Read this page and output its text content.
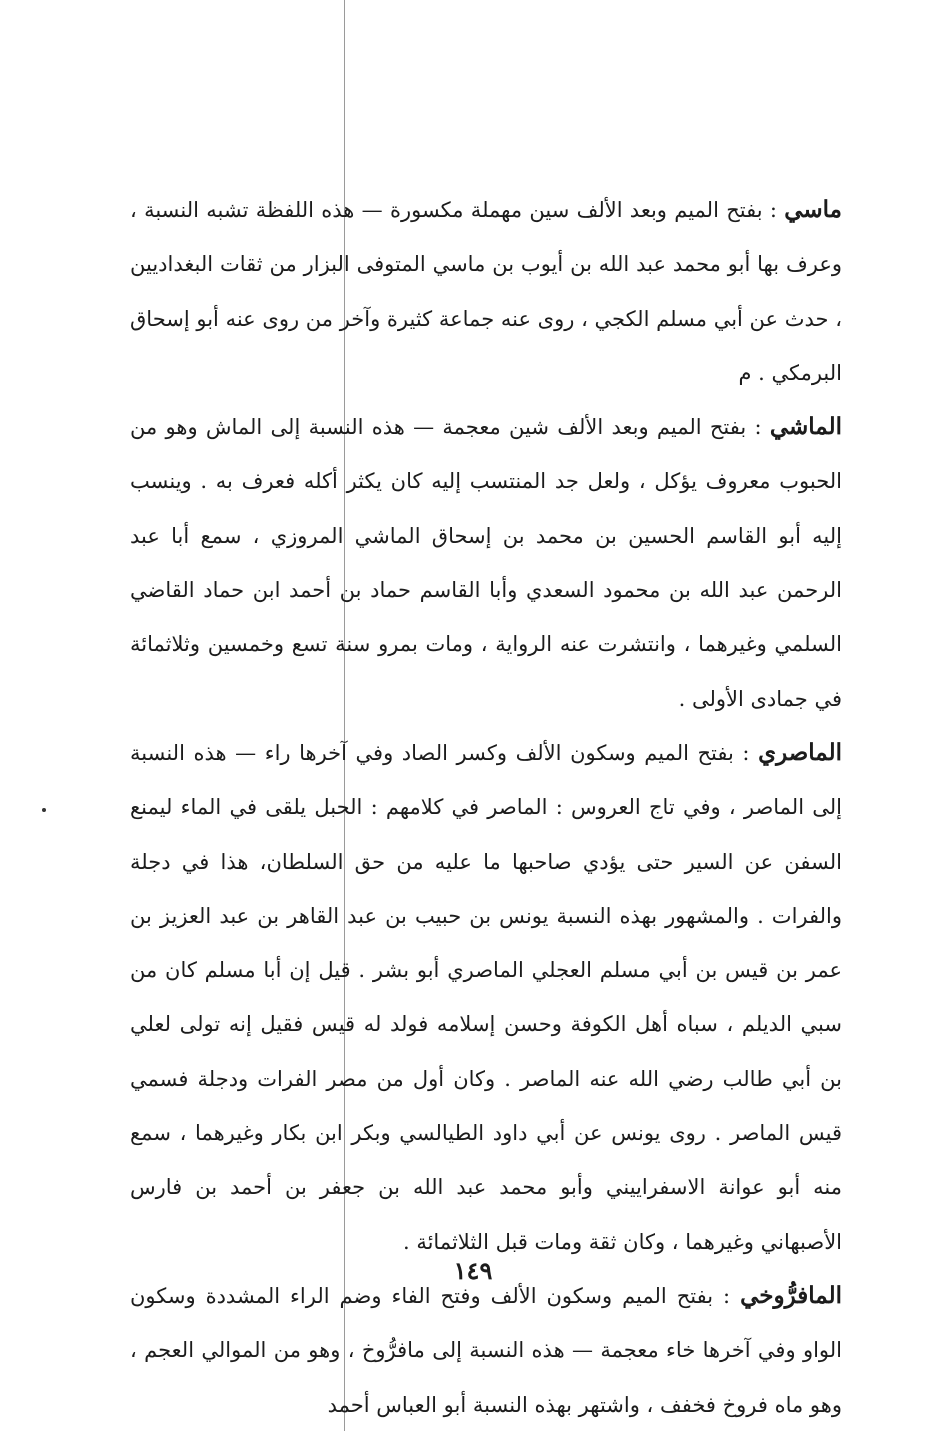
ماسي : بفتح الميم وبعد الألف سين مهملة مكسورة — هذه اللفظة تشبه النسبة ، وعرف بها أبو محمد عبد الله بن أيوب بن ماسي المتوفى البزار من ثقات البغداديين ، حدث عن أبي مسلم الكجي ، روى عنه جماعة كثيرة وآخر من روى عنه أبو إسحاق البرمكي . م

الماشي : بفتح الميم وبعد الألف شين معجمة — هذه النسبة إلى الماش وهو من الحبوب معروف يؤكل ، ولعل جد المنتسب إليه كان يكثر أكله فعرف به . وينسب إليه أبو القاسم الحسين بن محمد بن إسحاق الماشي المروزي ، سمع أبا عبد الرحمن عبد الله بن محمود السعدي وأبا القاسم حماد بن أحمد ابن حماد القاضي السلمي وغيرهما ، وانتشرت عنه الرواية ، ومات بمرو سنة تسع وخمسين وثلاثمائة في جمادى الأولى .

الماصري : بفتح الميم وسكون الألف وكسر الصاد وفي آخرها راء — هذه النسبة إلى الماصر ، وفي تاج العروس : الماصر في كلامهم : الحبل يلقى في الماء ليمنع السفن عن السير حتى يؤدي صاحبها ما عليه من حق السلطان، هذا في دجلة والفرات . والمشهور بهذه النسبة يونس بن حبيب بن عبد القاهر بن عبد العزيز بن عمر بن قيس بن أبي مسلم العجلي الماصري أبو بشر . قيل إن أبا مسلم كان من سبي الديلم ، سباه أهل الكوفة وحسن إسلامه فولد له قيس فقيل إنه تولى لعلي بن أبي طالب رضي الله عنه الماصر . وكان أول من مصر الفرات ودجلة فسمي قيس الماصر . روى يونس عن أبي داود الطيالسي وبكر ابن بكار وغيرهما ، سمع منه أبو عوانة الاسفراييني وأبو محمد عبد الله بن جعفر بن أحمد بن فارس الأصبهاني وغيرهما ، وكان ثقة ومات قبل الثلاثمائة .

المافرُّوخي : بفتح الميم وسكون الألف وفتح الفاء وضم الراء المشددة وسكون الواو وفي آخرها خاء معجمة — هذه النسبة إلى مافرُّوخ ، وهو من الموالي العجم ، وهو ماه فروخ فخفف ، واشتهر بهذه النسبة أبو العباس أحمد

١٤٩
